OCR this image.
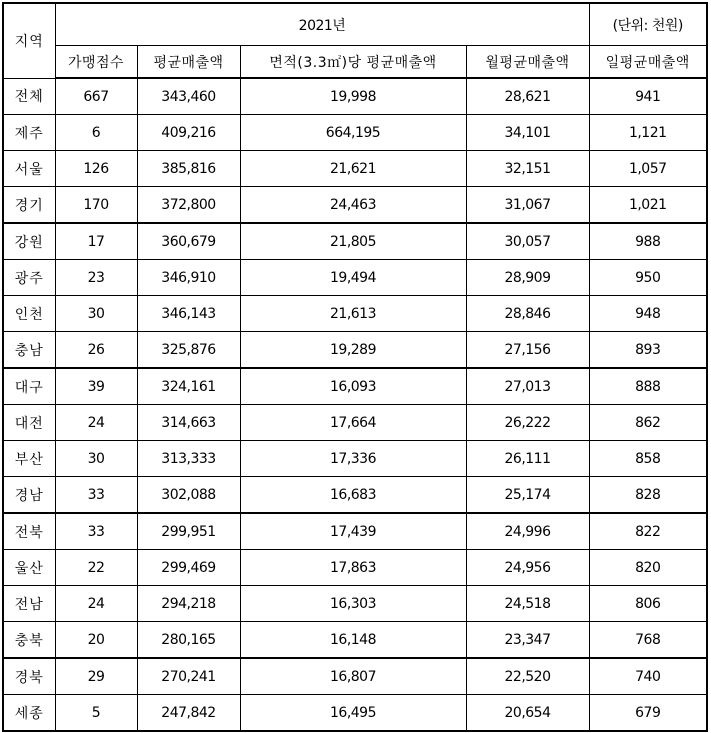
지역	2021년				(단위: 천원)
	가맹점수	평균매출액	면적(3.3㎡)당 평균매출액	월평균매출액	일평균매출액
전체	667	343,460	19,998	28,621	941
제주	6	409,216	664,195	34,101	1,121
서울	126	385,816	21,621	32,151	1,057
경기	170	372,800	24,463	31,067	1,021
강원	17	360,679	21,805	30,057	988
광주	23	346,910	19,494	28,909	950
인천	30	346,143	21,613	28,846	948
충남	26	325,876	19,289	27,156	893
대구	39	324,161	16,093	27,013	888
대전	24	314,663	17,664	26,222	862
부산	30	313,333	17,336	26,111	858
경남	33	302,088	16,683	25,174	828
전북	33	299,951	17,439	24,996	822
울산	22	299,469	17,863	24,956	820
전남	24	294,218	16,303	24,518	806
충북	20	280,165	16,148	23,347	768
경북	29	270,241	16,807	22,520	740
세종	5	247,842	16,495	20,654	679
